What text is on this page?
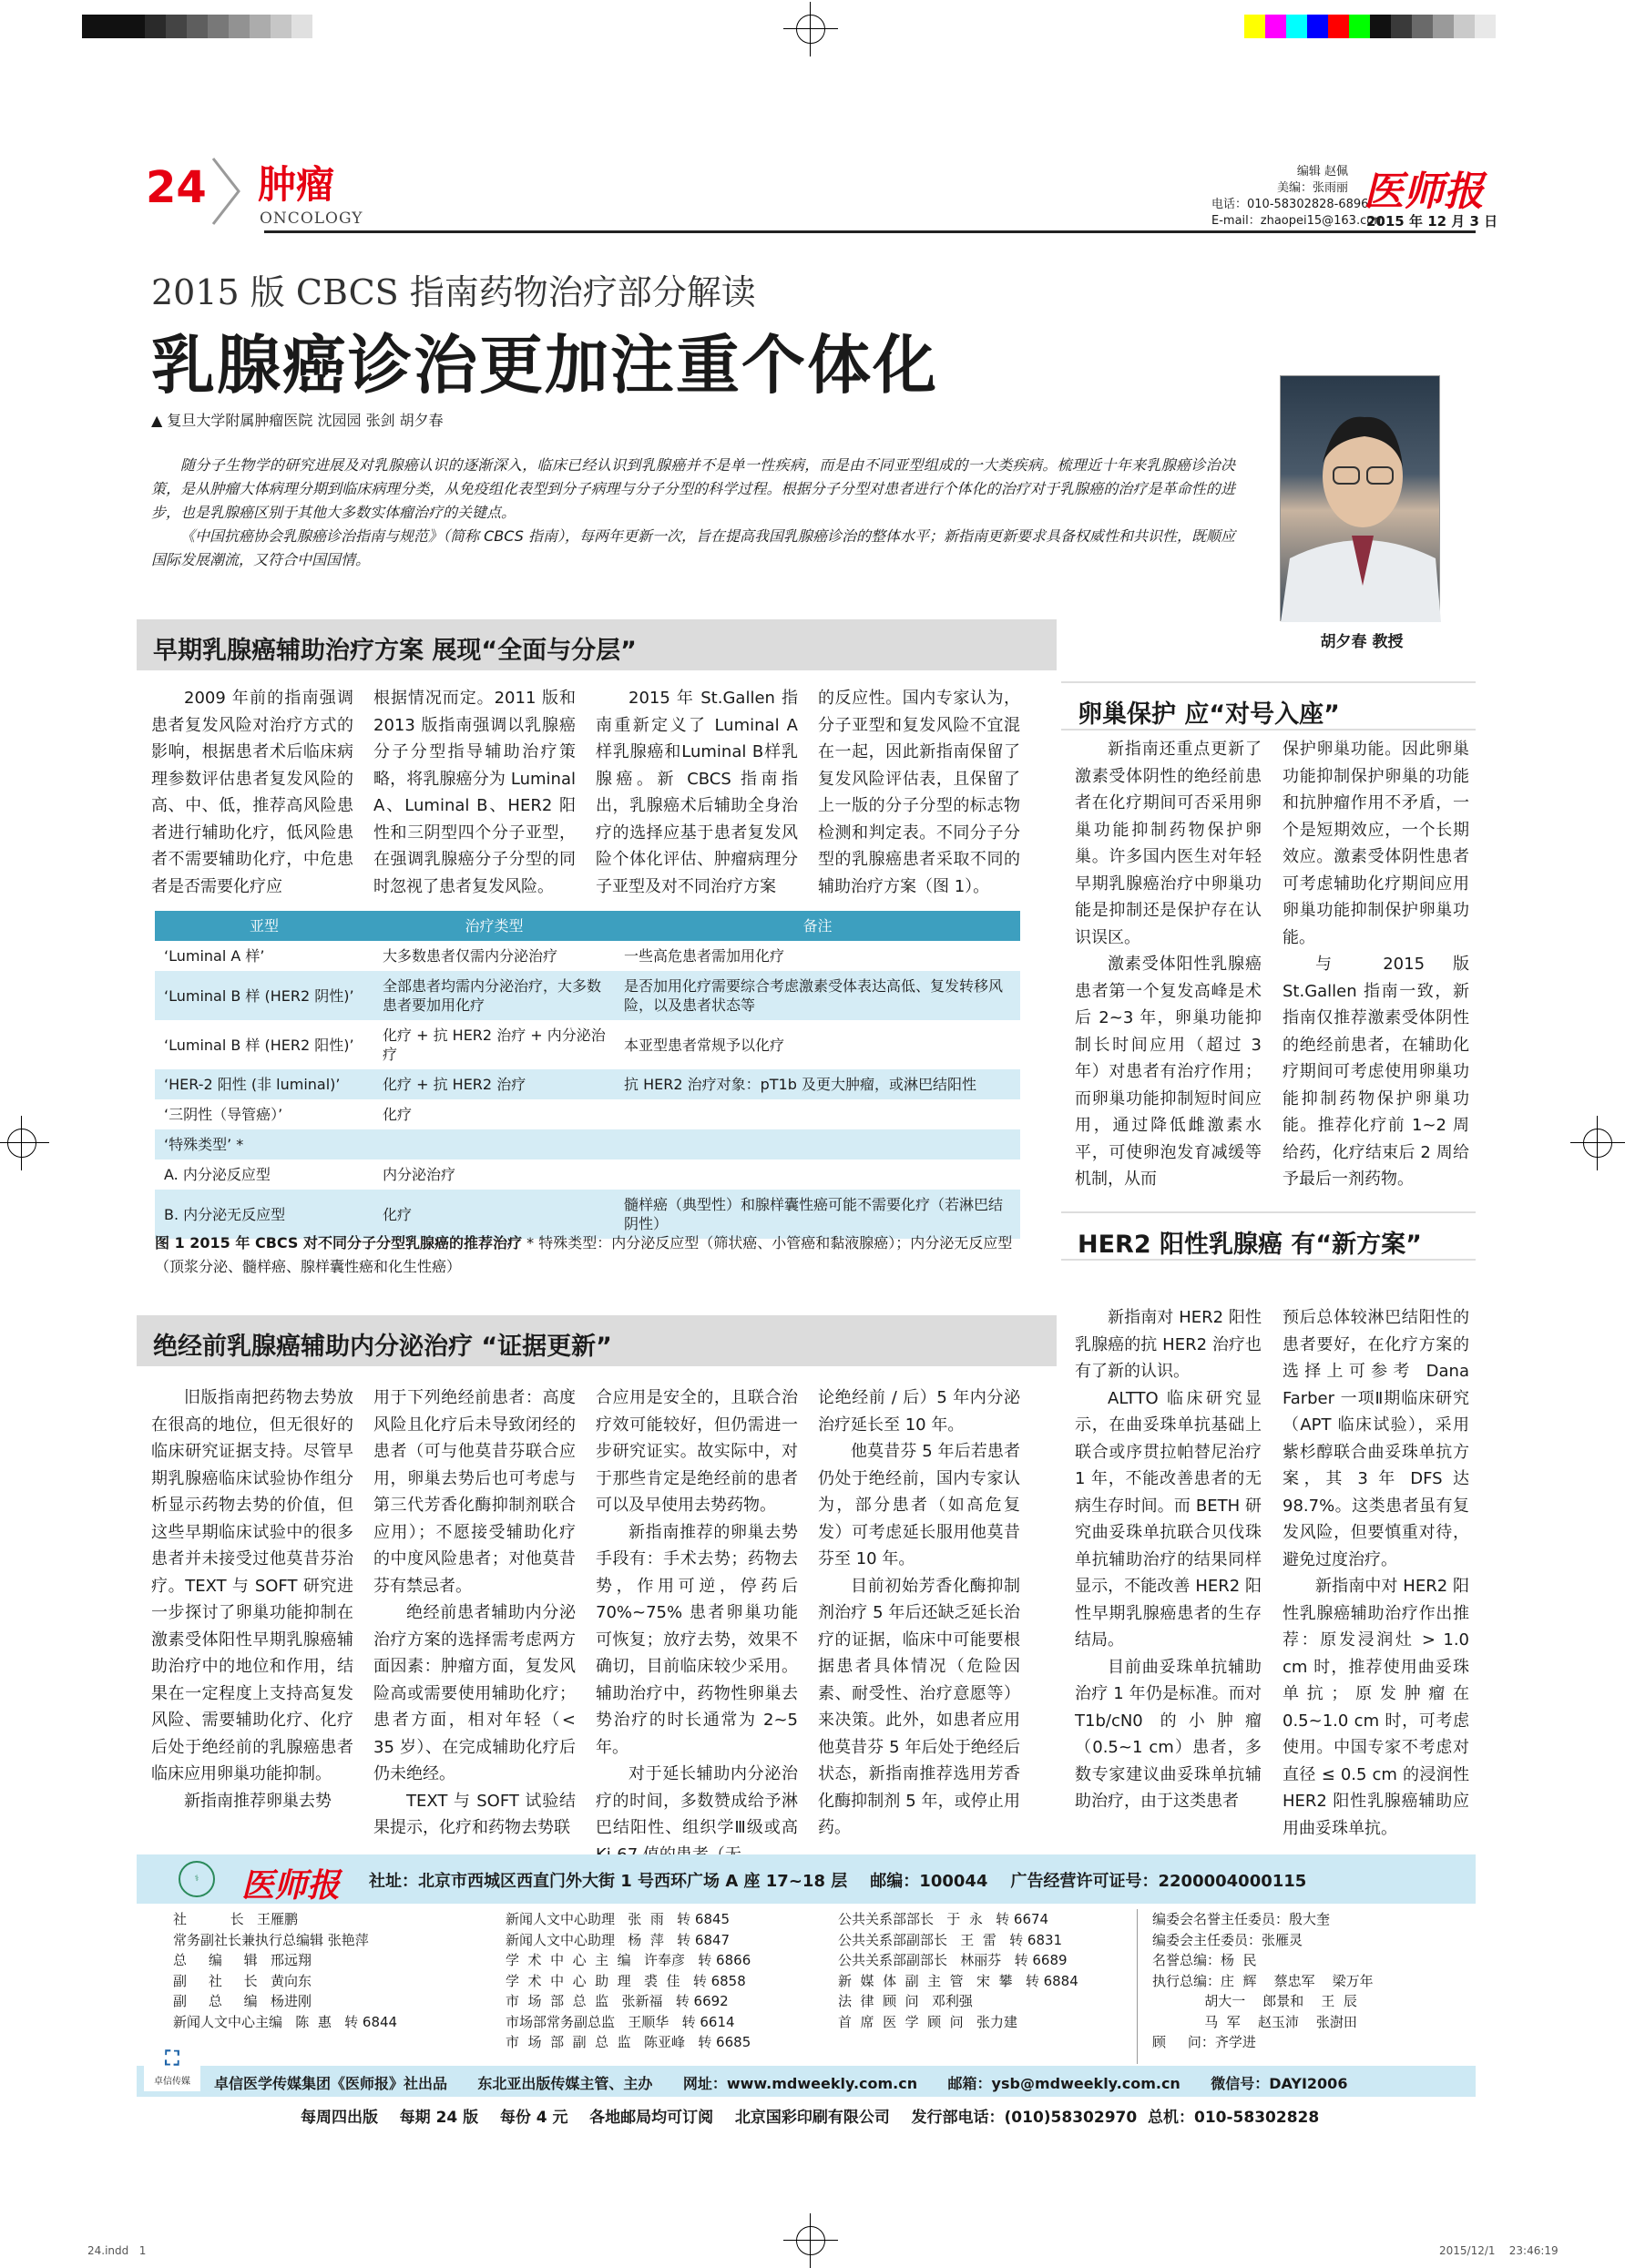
24 肿瘤
ONCOLOGY
编辑 赵佩
美编：张雨丽
电话：010-58302828-6896
E-mail：zhaopei15@163.com
医师报
2015 年 12 月 3 日
2015 版 CBCS 指南药物治疗部分解读
乳腺癌诊治更加注重个体化
▲ 复旦大学附属肿瘤医院 沈园园 张剑 胡夕春
胡夕春 教授

随分子生物学的研究进展及对乳腺癌认识的逐渐深入，临床已经认识到乳腺癌并不是单一性疾病，而是由不同亚型组成的一大类疾病。梳理近十年来乳腺癌诊治决策，是从肿瘤大体病理分期到临床病理分类，从免疫组化表型到分子病理与分子分型的科学过程。根据分子分型对患者进行个体化的治疗对于乳腺癌的治疗是革命性的进步，也是乳腺癌区别于其他大多数实体瘤治疗的关键点。

《中国抗癌协会乳腺癌诊治指南与规范》（简称 CBCS 指南），每两年更新一次，旨在提高我国乳腺癌诊治的整体水平；新指南更新要求具备权威性和共识性，既顺应国际发展潮流，又符合中国国情。

早期乳腺癌辅助治疗方案 展现“全面与分层”

2009 年前的指南强调患者复发风险对治疗方式的影响，根据患者术后临床病理参数评估患者复发风险的高、中、低，推荐高风险患者进行辅助化疗，低风险患者不需要辅助化疗，中危患者是否需要化疗应

根据情况而定。2011 版和 2013 版指南强调以乳腺癌分子分型指导辅助治疗策略，将乳腺癌分为 Luminal A、Luminal B、HER2 阳性和三阴型四个分子亚型，在强调乳腺癌分子分型的同时忽视了患者复发风险。

2015 年 St.Gallen 指南重新定义了 Luminal A 样乳腺癌和Luminal B样乳腺癌。新 CBCS 指南指出，乳腺癌术后辅助全身治疗的选择应基于患者复发风险个体化评估、肿瘤病理分子亚型及对不同治疗方案

的反应性。国内专家认为，分子亚型和复发风险不宜混在一起，因此新指南保留了复发风险评估表，且保留了上一版的分子分型的标志物检测和判定表。不同分子分型的乳腺癌患者采取不同的辅助治疗方案（图 1）。

亚型	治疗类型	备注
‘Luminal A 样’	大多数患者仅需内分泌治疗	一些高危患者需加用化疗
‘Luminal B 样 (HER2 阴性)’	全部患者均需内分泌治疗，大多数患者要加用化疗	是否加用化疗需要综合考虑激素受体表达高低、复发转移风险，以及患者状态等
‘Luminal B 样 (HER2 阳性)’	化疗 + 抗 HER2 治疗 + 内分泌治疗	本亚型患者常规予以化疗
‘HER-2 阳性 (非 luminal)’	化疗 + 抗 HER2 治疗	抗 HER2 治疗对象：pT1b 及更大肿瘤，或淋巴结阳性
‘三阴性（导管癌）’	化疗	
‘特殊类型’ *		
A. 内分泌反应型	内分泌治疗	
B. 内分泌无反应型	化疗	髓样癌（典型性）和腺样囊性癌可能不需要化疗（若淋巴结阴性）
图 1 2015 年 CBCS 对不同分子分型乳腺癌的推荐治疗 * 特殊类型：内分泌反应型（筛状癌、小管癌和黏液腺癌）；内分泌无反应型（顶浆分泌、髓样癌、腺样囊性癌和化生性癌）
卵巢保护 应“对号入座”

新指南还重点更新了激素受体阴性的绝经前患者在化疗期间可否采用卵巢功能抑制药物保护卵巢。许多国内医生对年轻早期乳腺癌治疗中卵巢功能是抑制还是保护存在认识误区。

激素受体阳性乳腺癌患者第一个复发高峰是术后 2~3 年，卵巢功能抑制长时间应用（超过 3 年）对患者有治疗作用；而卵巢功能抑制短时间应用，通过降低雌激素水平，可使卵泡发育减缓等机制，从而

保护卵巢功能。因此卵巢功能抑制保护卵巢的功能和抗肿瘤作用不矛盾，一个是短期效应，一个长期效应。激素受体阴性患者可考虑辅助化疗期间应用卵巢功能抑制保护卵巢功能。

与 2015 版 St.Gallen 指南一致，新指南仅推荐激素受体阴性的绝经前患者，在辅助化疗期间可考虑使用卵巢功能抑制药物保护卵巢功能。推荐化疗前 1~2 周给药，化疗结束后 2 周给予最后一剂药物。

HER2 阳性乳腺癌 有“新方案”

新指南对 HER2 阳性乳腺癌的抗 HER2 治疗也有了新的认识。

ALTTO 临床研究显示，在曲妥珠单抗基础上联合或序贯拉帕替尼治疗 1 年，不能改善患者的无病生存时间。而 BETH 研究曲妥珠单抗联合贝伐珠单抗辅助治疗的结果同样显示，不能改善 HER2 阳性早期乳腺癌患者的生存结局。

目前曲妥珠单抗辅助治疗 1 年仍是标准。而对 T1b/cN0 的小肿瘤（0.5~1 cm）患者，多数专家建议曲妥珠单抗辅助治疗，由于这类患者

预后总体较淋巴结阳性的患者要好，在化疗方案的选择上可参考 Dana Farber 一项Ⅱ期临床研究（APT 临床试验），采用紫杉醇联合曲妥珠单抗方案，其 3 年 DFS 达 98.7%。这类患者虽有复发风险，但要慎重对待，避免过度治疗。

新指南中对 HER2 阳性乳腺癌辅助治疗作出推荐：原发浸润灶 > 1.0 cm 时，推荐使用曲妥珠单抗；原发肿瘤在 0.5~1.0 cm 时，可考虑使用。中国专家不考虑对直径 ≤ 0.5 cm 的浸润性 HER2 阳性乳腺癌辅助应用曲妥珠单抗。

绝经前乳腺癌辅助内分泌治疗 “证据更新”

旧版指南把药物去势放在很高的地位，但无很好的临床研究证据支持。尽管早期乳腺癌临床试验协作组分析显示药物去势的价值，但这些早期临床试验中的很多患者并未接受过他莫昔芬治疗。TEXT 与 SOFT 研究进一步探讨了卵巢功能抑制在激素受体阳性早期乳腺癌辅助治疗中的地位和作用，结果在一定程度上支持高复发风险、需要辅助化疗、化疗后处于绝经前的乳腺癌患者临床应用卵巢功能抑制。

新指南推荐卵巢去势

用于下列绝经前患者：高度风险且化疗后未导致闭经的患者（可与他莫昔芬联合应用，卵巢去势后也可考虑与第三代芳香化酶抑制剂联合应用）；不愿接受辅助化疗的中度风险患者；对他莫昔芬有禁忌者。

绝经前患者辅助内分泌治疗方案的选择需考虑两方面因素：肿瘤方面，复发风险高或需要使用辅助化疗；患者方面，相对年轻（< 35 岁）、在完成辅助化疗后仍未绝经。

TEXT 与 SOFT 试验结果提示，化疗和药物去势联

合应用是安全的，且联合治疗效可能较好，但仍需进一步研究证实。故实际中，对于那些肯定是绝经前的患者可以及早使用去势药物。

新指南推荐的卵巢去势手段有：手术去势；药物去势，作用可逆，停药后 70%~75% 患者卵巢功能可恢复；放疗去势，效果不确切，目前临床较少采用。辅助治疗中，药物性卵巢去势治疗的时长通常为 2~5 年。

对于延长辅助内分泌治疗的时间，多数赞成给予淋巴结阳性、组织学Ⅲ级或高

论绝经前 / 后）5 年内分泌治疗延长至 10 年。

他莫昔芬 5 年后若患者仍处于绝经前，国内专家认为，部分患者（如高危复发）可考虑延长服用他莫昔芬至 10 年。

目前初始芳香化酶抑制剂治疗 5 年后还缺乏延长治疗的证据，临床中可能要根据患者具体情况（危险因素、耐受性、治疗意愿等）来决策。此外，如患者应用他莫昔芬 5 年后处于绝经后状态，新指南推荐选用芳香化酶抑制剂 5 年，或停止用药。

⚕	医师报 社址：北京市西城区西直门外大街 1 号西环广场 A 座 17~18 层    邮编：100044    广告经营许可证号：2200004000115
社          长   王雁鹏
常务副社长兼执行总编辑 张艳萍
总     编     辑   邢远翔
副     社     长   黄向东
副     总     编   杨进刚
新闻人文中心主编   陈  惠   转 6844
新闻人文中心助理   张  雨   转 6845
新闻人文中心助理   杨  萍   转 6847
学  术  中  心  主  编   许奉彦   转 6866
学  术  中  心  助  理   裘  佳   转 6858
市  场  部  总  监   张新福   转 6692
市场部常务副总监   王顺华   转 6614
市  场  部  副  总  监   陈亚峰   转 6685
公共关系部部长   于  永   转 6674
公共关系部副部长   王  雷   转 6831
公共关系部副部长   林丽芬   转 6689
新  媒  体  副  主  管   宋  攀   转 6884
法  律  顾  问   邓利强
首  席  医  学  顾  问   张力建
编委会名誉主任委员：殷大奎
编委会主任委员：张雁灵
名誉总编：杨  民
执行总编：庄  辉    蔡忠军    梁万年
胡大一    郎景和    王  辰
马  军    赵玉沛    张澍田
顾     问：齐学进
⛶
卓信传媒	卓信医学传媒集团《医师报》社出品      东北亚出版传媒主管、主办      网址：www.mdweekly.com.cn      邮箱：ysb@mdweekly.com.cn      微信号：DAYI2006
每周四出版    每期 24 版    每份 4 元    各地邮局均可订阅    北京国彩印刷有限公司    发行部电话：(010)58302970  总机：010-58302828
24.indd   1	2015/12/1    23:46:19
